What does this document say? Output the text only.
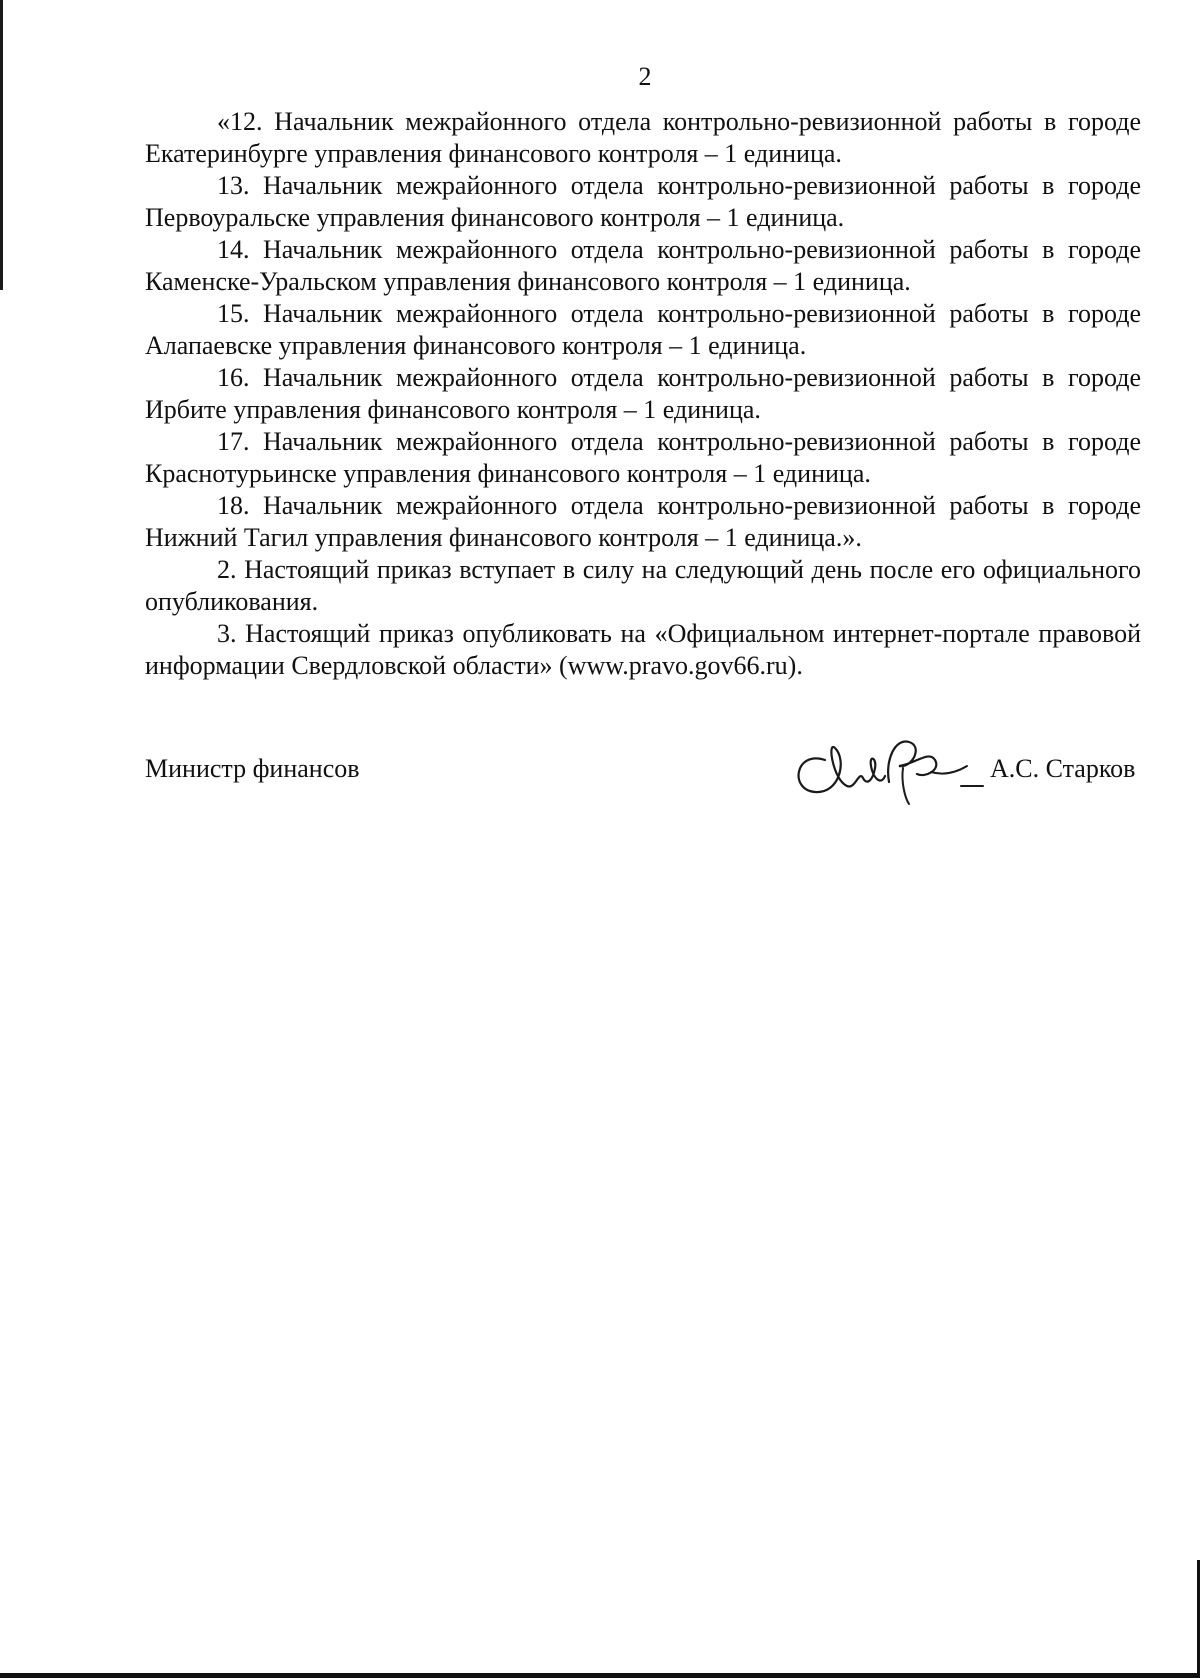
2

«12. Начальник межрайонного отдела контрольно-ревизионной работы в городе Екатеринбурге управления финансового контроля – 1 единица.

13. Начальник межрайонного отдела контрольно-ревизионной работы в городе Первоуральске управления финансового контроля – 1 единица.

14. Начальник межрайонного отдела контрольно-ревизионной работы в городе Каменске-Уральском управления финансового контроля – 1 единица.

15. Начальник межрайонного отдела контрольно-ревизионной работы в городе Алапаевске управления финансового контроля – 1 единица.

16. Начальник межрайонного отдела контрольно-ревизионной работы в городе Ирбите управления финансового контроля – 1 единица.

17. Начальник межрайонного отдела контрольно-ревизионной работы в городе Краснотурьинске управления финансового контроля – 1 единица.

18. Начальник межрайонного отдела контрольно-ревизионной работы в городе Нижний Тагил управления финансового контроля – 1 единица.».

2. Настоящий приказ вступает в силу на следующий день после его официального опубликования.

3. Настоящий приказ опубликовать на «Официальном интернет-портале правовой информации Свердловской области» (www.pravo.gov66.ru).

Министр финансов	А.С. Старков
